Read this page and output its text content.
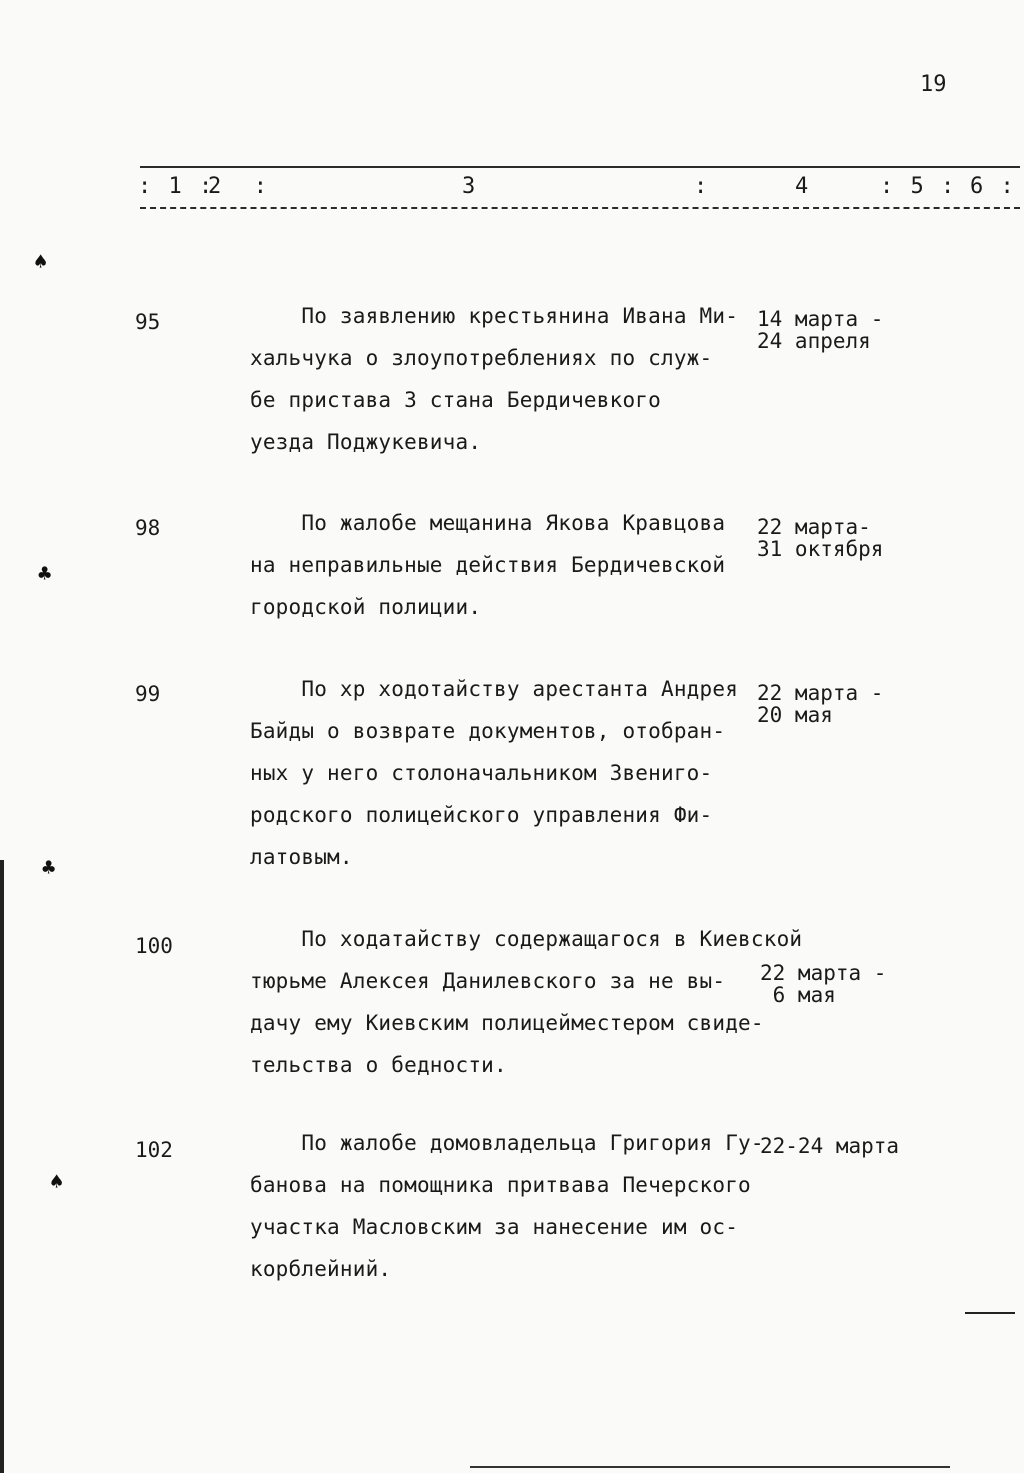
19
: 1 :
2  :	3	:	4	: 5 : 6 :
95	По заявлению крестьянина Ивана Ми-
хальчука о злоупотреблениях по служ-
бе пристава 3 стана Бердичевкого
уезда Поджукевича.
14 марта -
24 апреля
98	По жалобе мещанина Якова Кравцова
на неправильные действия Бердичевской
городской полиции.
22 марта-
31 октября
99	По хр ходотайству арестанта Андрея
Байды о возврате документов, отобран-
ных у него столоначальником Звениго-
родского полицейского управления Фи-
латовым.
22 марта -
20 мая
100	По ходатайству содержащагося в Киевской
тюрьме Алексея Данилевского за не вы-
дачу ему Киевским полицейместером свиде-
тельства о бедности.
22 марта -
6 мая
102	По жалобе домовладельца Григория Гу-
банова на помощника притвава Печерского
участка Масловским за нанесение им ос-
корблейний.
22-24 марта
♠
♣
♣
♠
